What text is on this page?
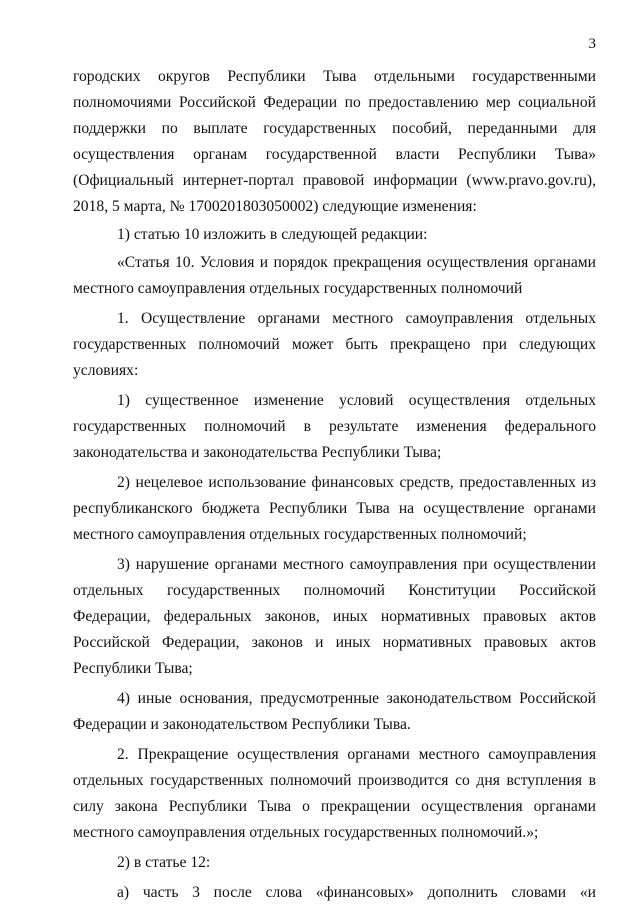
3

городских округов Республики Тыва отдельными государственными полномочиями Российской Федерации по предоставлению мер социальной поддержки по выплате государственных пособий, переданными для осуществления органам государственной власти Республики Тыва» (Официальный интернет-портал правовой информации (www.pravo.gov.ru), 2018, 5 марта, № 1700201803050002) следующие изменения:

1) статью 10 изложить в следующей редакции:

«Статья 10. Условия и порядок прекращения осуществления органами местного самоуправления отдельных государственных полномочий

1. Осуществление органами местного самоуправления отдельных государственных полномочий может быть прекращено при следующих условиях:

1) существенное изменение условий осуществления отдельных государственных полномочий в результате изменения федерального законодательства и законодательства Республики Тыва;

2) нецелевое использование финансовых средств, предоставленных из республиканского бюджета Республики Тыва на осуществление органами местного самоуправления отдельных государственных полномочий;

3) нарушение органами местного самоуправления при осуществлении отдельных государственных полномочий Конституции Российской Федерации, федеральных законов, иных нормативных правовых актов Российской Федерации, законов и иных нормативных правовых актов Республики Тыва;

4) иные основания, предусмотренные законодательством Российской Федерации и законодательством Республики Тыва.

2. Прекращение осуществления органами местного самоуправления отдельных государственных полномочий производится со дня вступления в силу закона Республики Тыва о прекращении осуществления органами местного самоуправления отдельных государственных полномочий.»;

2) в статье 12:

а) часть 3 после слова «финансовых» дополнить словами «и
